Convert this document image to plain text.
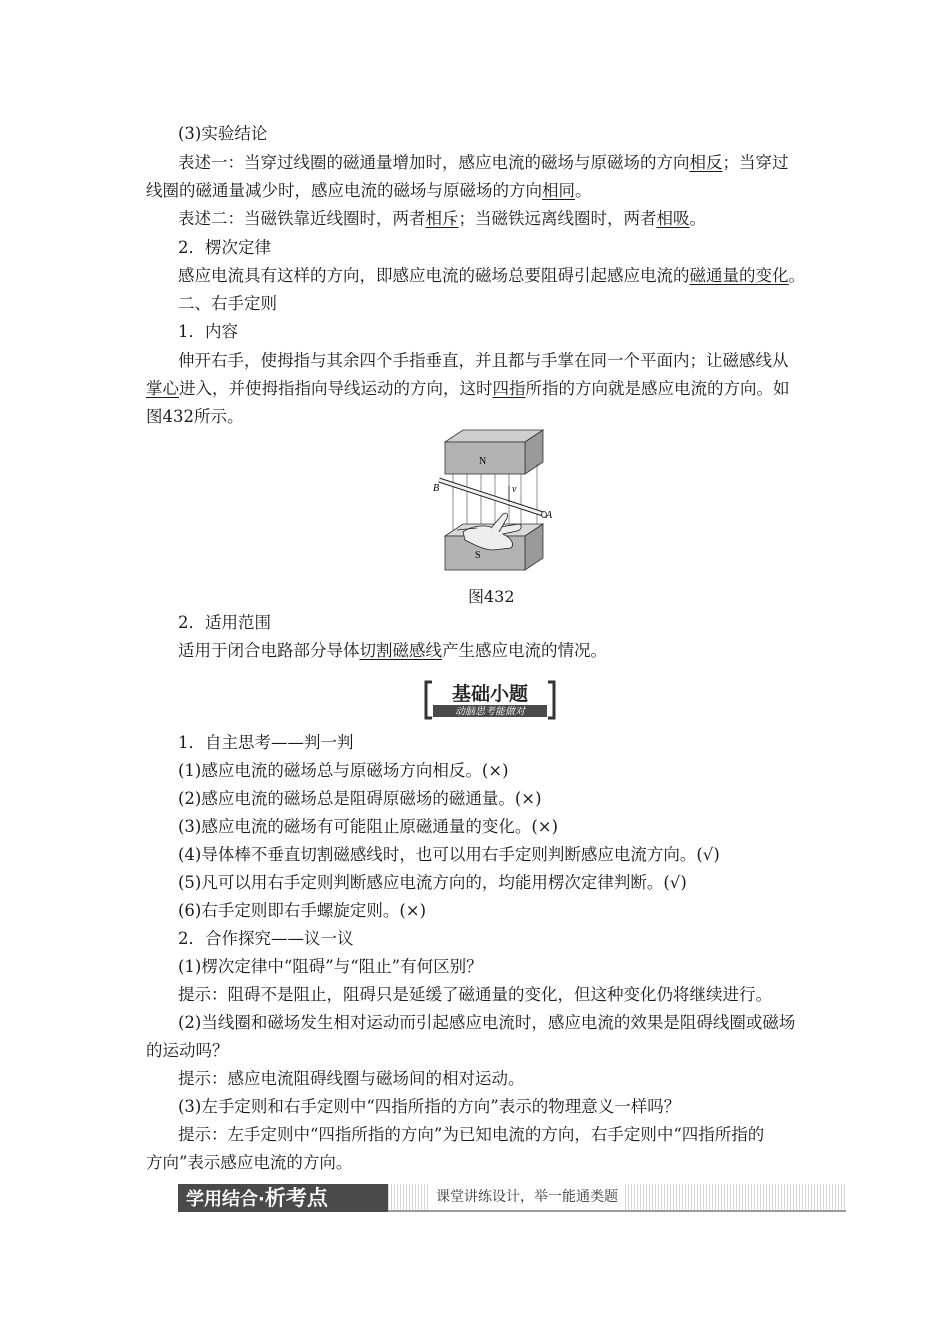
(3)实验结论
表述一：当穿过线圈的磁通量增加时，感应电流的磁场与原磁场的方向相反；当穿过
线圈的磁通量减少时，感应电流的磁场与原磁场的方向相同。
表述二：当磁铁靠近线圈时，两者相斥；当磁铁远离线圈时，两者相吸。
2．楞次定律
感应电流具有这样的方向，即感应电流的磁场总要阻碍引起感应电流的磁通量的变化。
二、右手定则
1．内容
伸开右手，使拇指与其余四个手指垂直，并且都与手掌在同一个平面内；让磁感线从
掌心进入，并使拇指指向导线运动的方向，这时四指所指的方向就是感应电流的方向。如
图432所示。
N
B
A
v
S
图432
2．适用范围
适用于闭合电路部分导体切割磁感线产生感应电流的情况。
基础小题
动脑思考能做对
1．自主思考——判一判
(1)感应电流的磁场总与原磁场方向相反。(×)
(2)感应电流的磁场总是阻碍原磁场的磁通量。(×)
(3)感应电流的磁场有可能阻止原磁通量的变化。(×)
(4)导体棒不垂直切割磁感线时，也可以用右手定则判断感应电流方向。(√)
(5)凡可以用右手定则判断感应电流方向的，均能用楞次定律判断。(√)
(6)右手定则即右手螺旋定则。(×)
2．合作探究——议一议
(1)楞次定律中“阻碍”与“阻止”有何区别？
提示：阻碍不是阻止，阻碍只是延缓了磁通量的变化，但这种变化仍将继续进行。
(2)当线圈和磁场发生相对运动而引起感应电流时，感应电流的效果是阻碍线圈或磁场
的运动吗？
提示：感应电流阻碍线圈与磁场间的相对运动。
(3)左手定则和右手定则中“四指所指的方向”表示的物理意义一样吗？
提示：左手定则中“四指所指的方向”为已知电流的方向，右手定则中“四指所指的
方向”表示感应电流的方向。
学用结合·析考点	课堂讲练设计，举一能通类题
